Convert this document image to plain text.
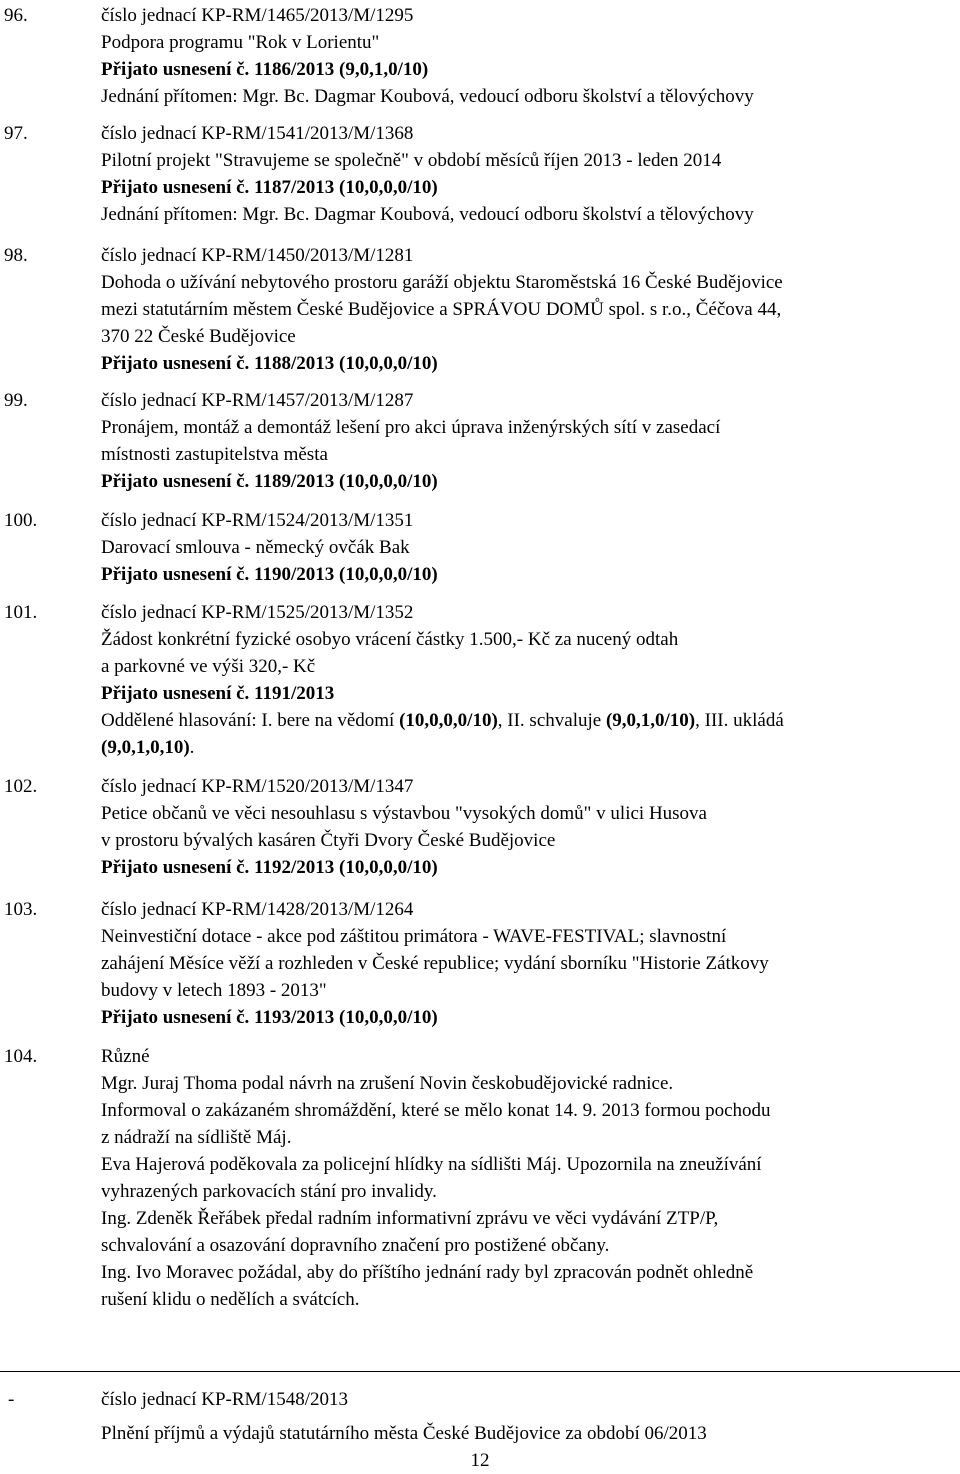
96.	číslo jednací KP-RM/1465/2013/M/1295
Podpora programu "Rok v Lorientu"
Přijato usnesení č. 1186/2013 (9,0,1,0/10)
Jednání přítomen: Mgr. Bc. Dagmar Koubová, vedoucí odboru školství a tělovýchovy
97.	číslo jednací KP-RM/1541/2013/M/1368
Pilotní projekt "Stravujeme se společně" v období měsíců říjen 2013 - leden 2014
Přijato usnesení č. 1187/2013 (10,0,0,0/10)
Jednání přítomen: Mgr. Bc. Dagmar Koubová, vedoucí odboru školství a tělovýchovy
98.	číslo jednací KP-RM/1450/2013/M/1281
Dohoda o užívání nebytového prostoru garáží objektu Staroměstská 16 České Budějovice
mezi statutárním městem České Budějovice a SPRÁVOU DOMŮ spol. s r.o., Čéčova 44,
370 22 České Budějovice
Přijato usnesení č. 1188/2013 (10,0,0,0/10)
99.	číslo jednací KP-RM/1457/2013/M/1287
Pronájem, montáž a demontáž lešení pro akci úprava inženýrských sítí v zasedací
místnosti zastupitelstva města
Přijato usnesení č. 1189/2013 (10,0,0,0/10)
100.	číslo jednací KP-RM/1524/2013/M/1351
Darovací smlouva - německý ovčák Bak
Přijato usnesení č. 1190/2013 (10,0,0,0/10)
101.	číslo jednací KP-RM/1525/2013/M/1352
Žádost konkrétní fyzické osobyo vrácení částky 1.500,- Kč za nucený odtah
a parkovné ve výši 320,- Kč
Přijato usnesení č. 1191/2013
Oddělené hlasování: I. bere na vědomí (10,0,0,0/10), II. schvaluje (9,0,1,0/10), III. ukládá
(9,0,1,0,10).
102.	číslo jednací KP-RM/1520/2013/M/1347
Petice občanů ve věci nesouhlasu s výstavbou "vysokých domů" v ulici Husova
v prostoru bývalých kasáren Čtyři Dvory České Budějovice
Přijato usnesení č. 1192/2013 (10,0,0,0/10)
103.	číslo jednací KP-RM/1428/2013/M/1264
Neinvestiční dotace - akce pod záštitou primátora - WAVE-FESTIVAL; slavnostní
zahájení Měsíce věží a rozhleden v České republice; vydání sborníku "Historie Zátkovy
budovy v letech 1893 - 2013"
Přijato usnesení č. 1193/2013 (10,0,0,0/10)
104.	Různé
Mgr. Juraj Thoma podal návrh na zrušení Novin českobudějovické radnice.
Informoval o zakázaném shromáždění, které se mělo konat 14. 9. 2013 formou pochodu
z nádraží na sídliště Máj.
Eva Hajerová poděkovala za policejní hlídky na sídlišti Máj. Upozornila na zneužívání
vyhrazených parkovacích stání pro invalidy.
Ing. Zdeněk Řeřábek předal radním informativní zprávu ve věci vydávání ZTP/P,
schvalování a osazování dopravního značení pro postižené občany.
Ing. Ivo Moravec požádal, aby do příštího jednání rady byl zpracován podnět ohledně
rušení klidu o nedělích a svátcích.
-	číslo jednací KP-RM/1548/2013
Plnění příjmů a výdajů statutárního města České Budějovice za období 06/2013
12
